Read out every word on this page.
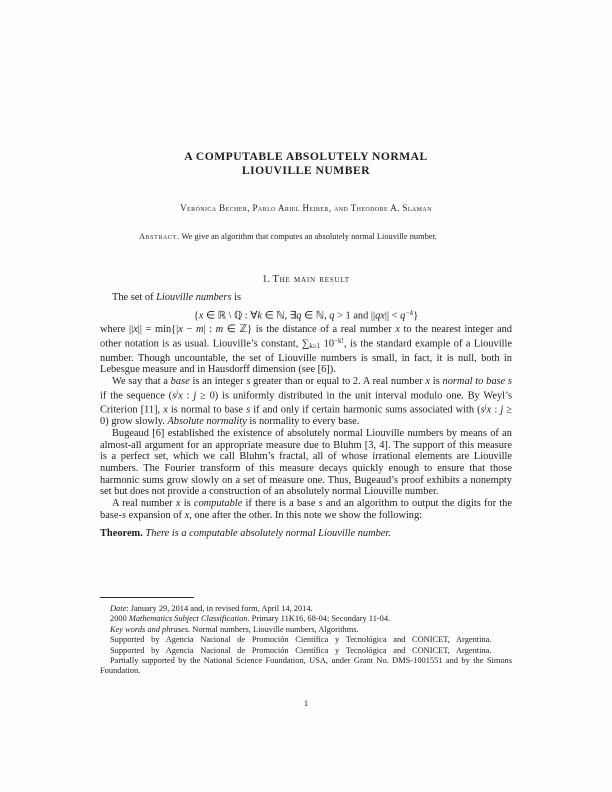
A COMPUTABLE ABSOLUTELY NORMAL
LIOUVILLE NUMBER
Verónica Becher, Pablo Ariel Heiber, and Theodore A. Slaman

Abstract. We give an algorithm that computes an absolutely normal Liouville number.

1. The main result

The set of Liouville numbers is

{x ∈ ℝ \ ℚ : ∀k ∈ ℕ, ∃q ∈ ℕ, q > 1 and $||qx|| < q^{-k}$}

where ||x|| = min{|x − m| : m ∈ ℤ} is the distance of a real number x to the nearest integer and other notation is as usual. Liouville’s constant, ∑k≥1 $10^{-k!}$, is the standard example of a Liouville number. Though uncountable, the set of Liouville numbers is small, in fact, it is null, both in Lebesgue measure and in Hausdorff dimension (see [6]).

We say that a base is an integer s greater than or equal to 2. A real number x is normal to base s if the sequence ($s^jx$ : j ≥ 0) is uniformly distributed in the unit interval modulo one. By Weyl’s Criterion [11], x is normal to base s if and only if certain harmonic sums associated with ($s^jx$ : j ≥ 0) grow slowly. Absolute normality is normality to every base.

Bugeaud [6] established the existence of absolutely normal Liouville numbers by means of an almost-all argument for an appropriate measure due to Bluhm [3, 4]. The support of this measure is a perfect set, which we call Bluhm’s fractal, all of whose irrational elements are Liouville numbers. The Fourier transform of this measure decays quickly enough to ensure that those harmonic sums grow slowly on a set of measure one. Thus, Bugeaud’s proof exhibits a nonempty set but does not provide a construction of an absolutely normal Liouville number.

A real number x is computable if there is a base s and an algorithm to output the digits for the base-s expansion of x, one after the other. In this note we show the following:

Theorem. There is a computable absolutely normal Liouville number.

Date: January 29, 2014 and, in revised form, April 14, 2014.

2000 Mathematics Subject Classification. Primary 11K16, 68-04; Secondary 11-04.

Key words and phrases. Normal numbers, Liouville numbers, Algorithms.

Supported by Agencia Nacional de Promoción Científica y Tecnológica and CONICET, Argentina.

Supported by Agencia Nacional de Promoción Científica y Tecnológica and CONICET, Argentina.

Partially supported by the National Science Foundation, USA, under Grant No. DMS-1001551 and by the Simons Foundation.

1
